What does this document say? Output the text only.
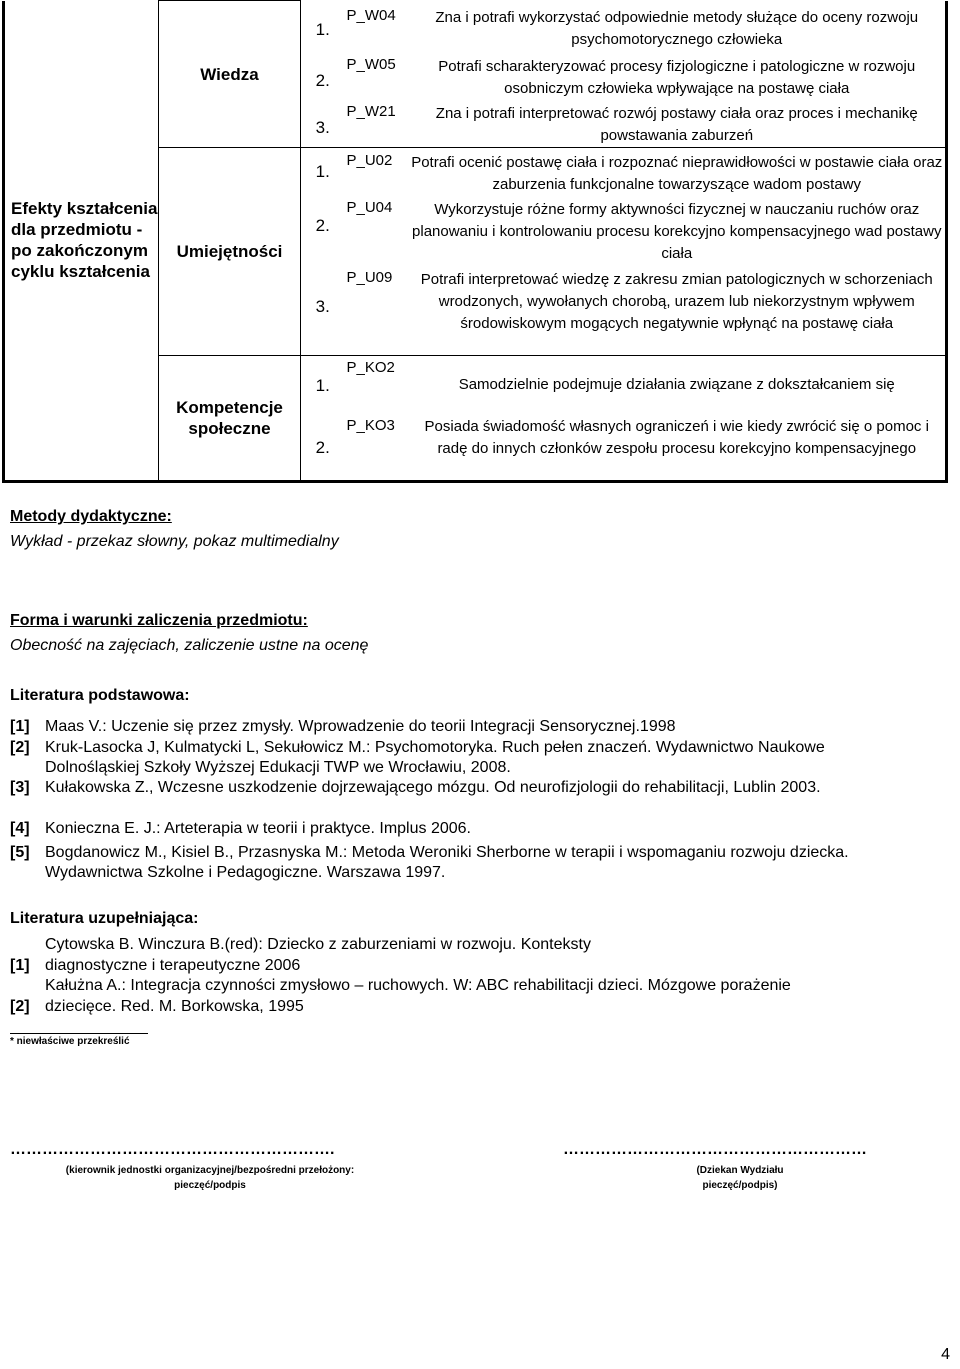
Efekty kształcenia dla przedmiotu - po zakończonym cyklu kształcenia	Wiedza	1.	P_W04	Zna i potrafi wykorzystać odpowiednie metody służące do oceny rozwoju psychomotorycznego człowieka
		2.	P_W05	Potrafi scharakteryzować procesy fizjologiczne i patologiczne w rozwoju osobniczym człowieka wpływające na postawę ciała
		3.	P_W21	Zna i potrafi interpretować rozwój postawy ciała oraz proces i mechanikę powstawania zaburzeń
	Umiejętności	1.	P_U02	Potrafi ocenić postawę ciała i rozpoznać nieprawidłowości w postawie ciała oraz zaburzenia funkcjonalne towarzyszące wadom postawy
		2.	P_U04	Wykorzystuje różne formy aktywności fizycznej w nauczaniu ruchów oraz planowaniu i kontrolowaniu procesu korekcyjno kompensacyjnego wad postawy ciała
		3.	P_U09	Potrafi interpretować wiedzę z zakresu zmian patologicznych w schorzeniach wrodzonych, wywołanych chorobą, urazem lub niekorzystnym wpływem środowiskowym mogących negatywnie wpłynąć na postawę ciała
	Kompetencje społeczne	1.	P_KO2	Samodzielnie podejmuje działania związane z dokształcaniem się
		2.	P_KO3	Posiada świadomość własnych ograniczeń i wie kiedy zwrócić się o pomoc i radę do innych członków zespołu procesu korekcyjno kompensacyjnego
Metody dydaktyczne:
Wykład - przekaz słowny, pokaz multimedialny
Forma i warunki zaliczenia przedmiotu:
Obecność na zajęciach, zaliczenie ustne na ocenę
Literatura podstawowa:
[1] Maas V.: Uczenie się przez zmysły. Wprowadzenie do teorii Integracji Sensorycznej.1998
[2] Kruk-Lasocka J, Kulmatycki L, Sekułowicz M.: Psychomotoryka. Ruch pełen znaczeń. Wydawnictwo Naukowe Dolnośląskiej Szkoły Wyższej Edukacji TWP we Wrocławiu, 2008.
[3] Kułakowska Z., Wczesne uszkodzenie dojrzewającego mózgu. Od neurofizjologii do rehabilitacji, Lublin 2003.
[4] Konieczna E. J.: Arteterapia w teorii i praktyce. Implus 2006.
[5] Bogdanowicz M., Kisiel B., Przasnyska M.: Metoda Weroniki Sherborne w terapii i wspomaganiu rozwoju dziecka. Wydawnictwa Szkolne i Pedagogiczne. Warszawa 1997.
Literatura uzupełniająca:
Cytowska B. Winczura B.(red): Dziecko z zaburzeniami w rozwoju. Konteksty
[1] diagnostyczne i terapeutyczne 2006
Kałużna A.: Integracja czynności zmysłowo – ruchowych. W: ABC rehabilitacji dzieci. Mózgowe porażenie
[2] dziecięce. Red. M. Borkowska, 1995
* niewłaściwe przekreślić
…………………………………………………….	…………………………………………………
(kierownik jednostki organizacyjnej/bezpośredni przełożony:
pieczęć/podpis
(Dziekan Wydziału
pieczęć/podpis)
4
